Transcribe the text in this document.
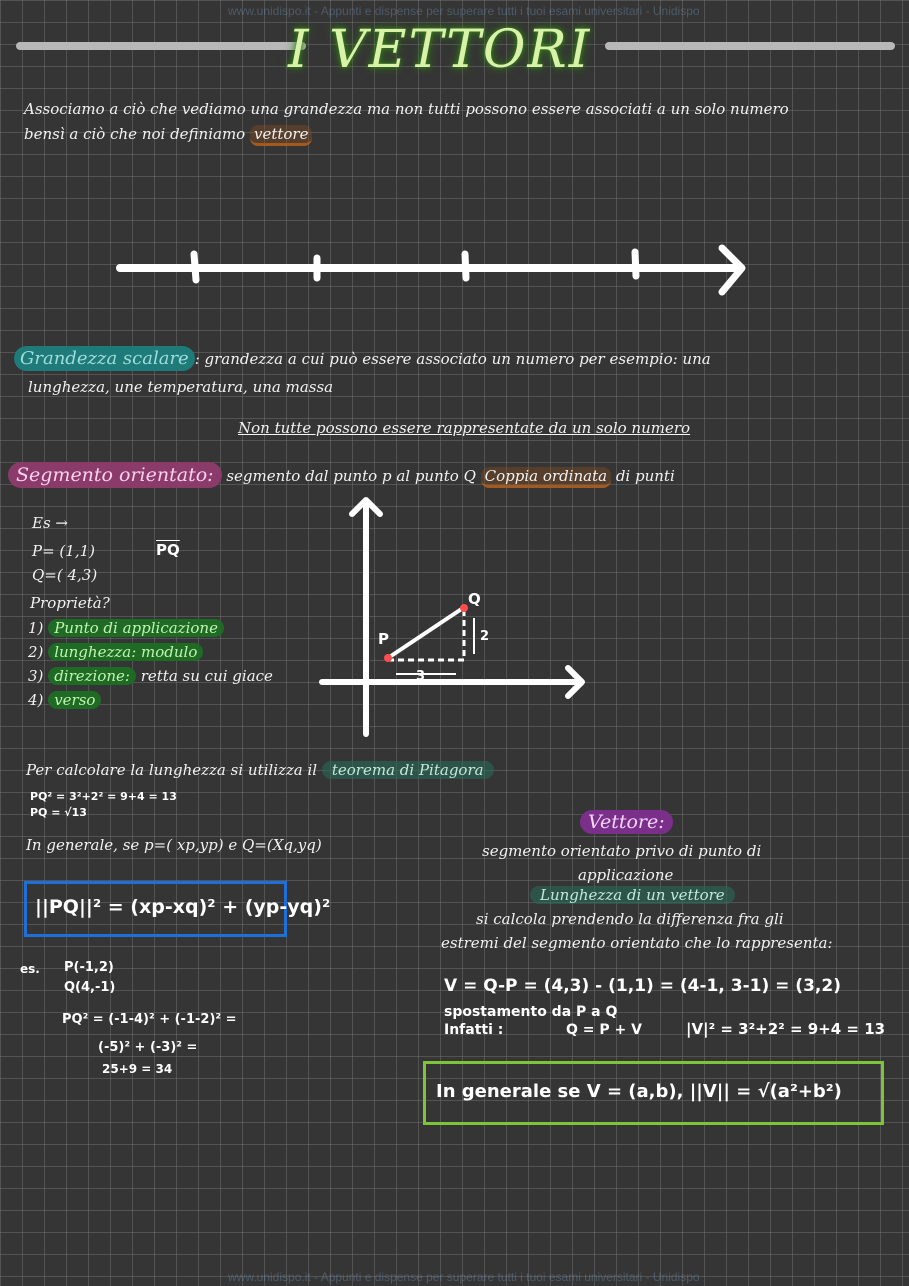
www.unidispo.it - Appunti e dispense per superare tutti i tuoi esami universitari - Unidispo
www.unidispo.it - Appunti e dispense per superare tutti i tuoi esami universitari - Unidispo
I VETTORI
Associamo a ciò che vediamo una grandezza ma non tutti possono essere associati a un solo numero
bensì a ciò che noi definiamo vettore
Grandezza scalare : grandezza a cui può essere associato un numero per esempio: una
lunghezza, une temperatura, una massa
Non tutte possono essere rappresentate da un solo numero
Segmento orientato: segmento dal punto p al punto Q Coppia ordinata di punti
Es →
P= (1,1)
Q=( 4,3)
$\overline{PQ}$
Proprietà?
1) Punto di applicazione
2) lunghezza: modulo
3) direzione: retta su cui giace
4) verso
P
Q
3
2
Per calcolare la lunghezza si utilizza il teorema di Pitagora
PQ² = 3²+2² = 9+4 = 13
PQ = √13
In generale, se p=( xp,yp) e Q=(Xq,yq)
||PQ||² = (xp-xq)² + (yp-yq)²
es. P(-1,2)
Q(4,-1)
PQ² = (-1-4)² + (-1-2)² =
(-5)² + (-3)² =
25+9 = 34
Vettore:
segmento orientato privo di punto di
applicazione
Lunghezza di un vettore
si calcola prendendo la differenza fra gli
estremi del segmento orientato che lo rappresenta:
V = Q-P = (4,3) - (1,1) = (4-1, 3-1) = (3,2)
spostamento da P a Q
Infatti :	Q = P + V	|V|² = 3²+2² = 9+4 = 13
In generale se V = (a,b), ||V|| = √(a²+b²)
